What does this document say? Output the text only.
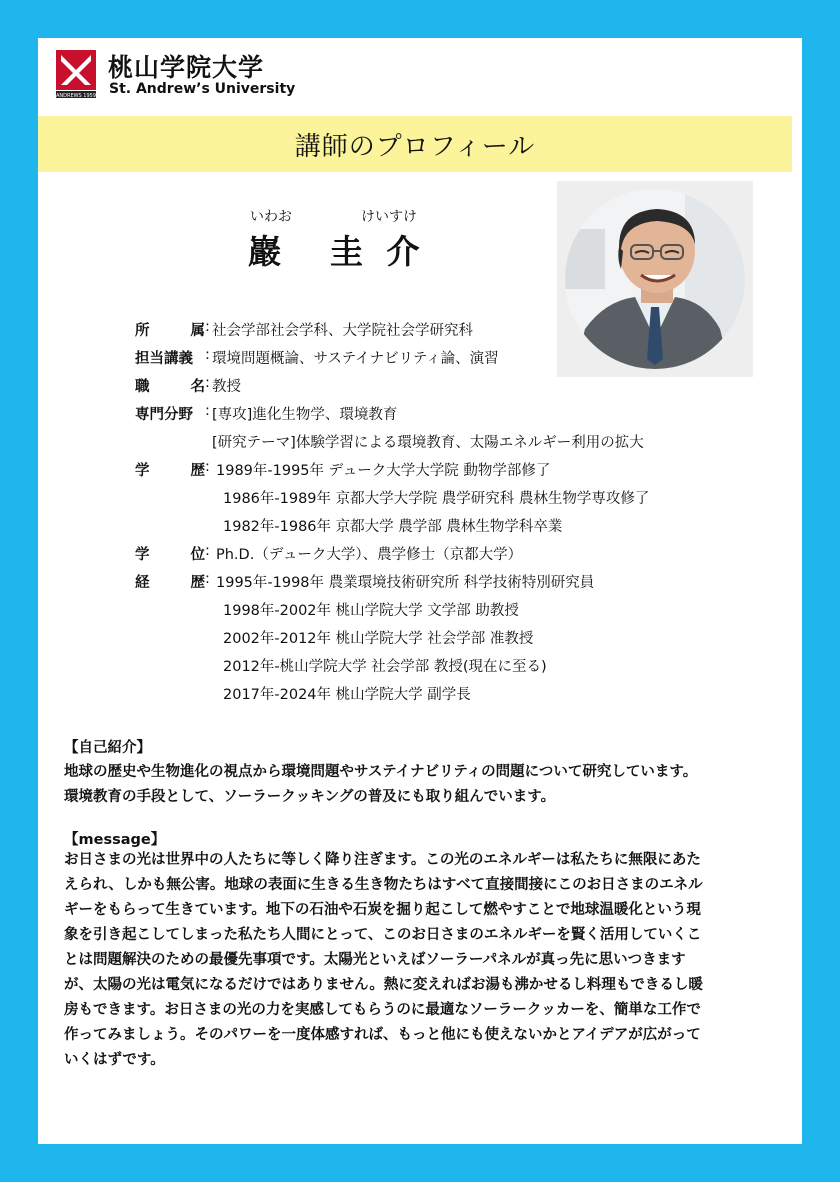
ANDREWS 1959
桃山学院大学
St. Andrew’s University
講師のプロフィール
いわお	けいすけ
巖 圭 介
所	属 : 社会学部社会学科、大学院社会学研究科
担当講義 : 環境問題概論、サステイナビリティ論、演習
職	名 : 教授
専門分野 : [専攻]進化生物学、環境教育
[研究テーマ]体験学習による環境教育、太陽エネルギー利用の拡大
学	歴 : 1989年-1995年 デューク大学大学院 動物学部修了
1986年-1989年 京都大学大学院 農学研究科 農林生物学専攻修了
1982年-1986年 京都大学 農学部 農林生物学科卒業
学	位 : Ph.D.（デューク大学）、農学修士（京都大学）
経	歴 : 1995年-1998年 農業環境技術研究所 科学技術特別研究員
1998年-2002年 桃山学院大学 文学部 助教授
2002年-2012年 桃山学院大学 社会学部 准教授
2012年-桃山学院大学 社会学部 教授(現在に至る)
2017年-2024年 桃山学院大学 副学長
【自己紹介】
地球の歴史や生物進化の視点から環境問題やサステイナビリティの問題について研究しています。
環境教育の手段として、ソーラークッキングの普及にも取り組んでいます。
【message】
お日さまの光は世界中の人たちに等しく降り注ぎます。この光のエネルギーは私たちに無限にあた
えられ、しかも無公害。地球の表面に生きる生き物たちはすべて直接間接にこのお日さまのエネル
ギーをもらって生きています。地下の石油や石炭を掘り起こして燃やすことで地球温暖化という現
象を引き起こしてしまった私たち人間にとって、このお日さまのエネルギーを賢く活用していくこ
とは問題解決のための最優先事項です。太陽光といえばソーラーパネルが真っ先に思いつきます
が、太陽の光は電気になるだけではありません。熱に変えればお湯も沸かせるし料理もできるし暖
房もできます。お日さまの光の力を実感してもらうのに最適なソーラークッカーを、簡単な工作で
作ってみましょう。そのパワーを一度体感すれば、もっと他にも使えないかとアイデアが広がって
いくはずです。
